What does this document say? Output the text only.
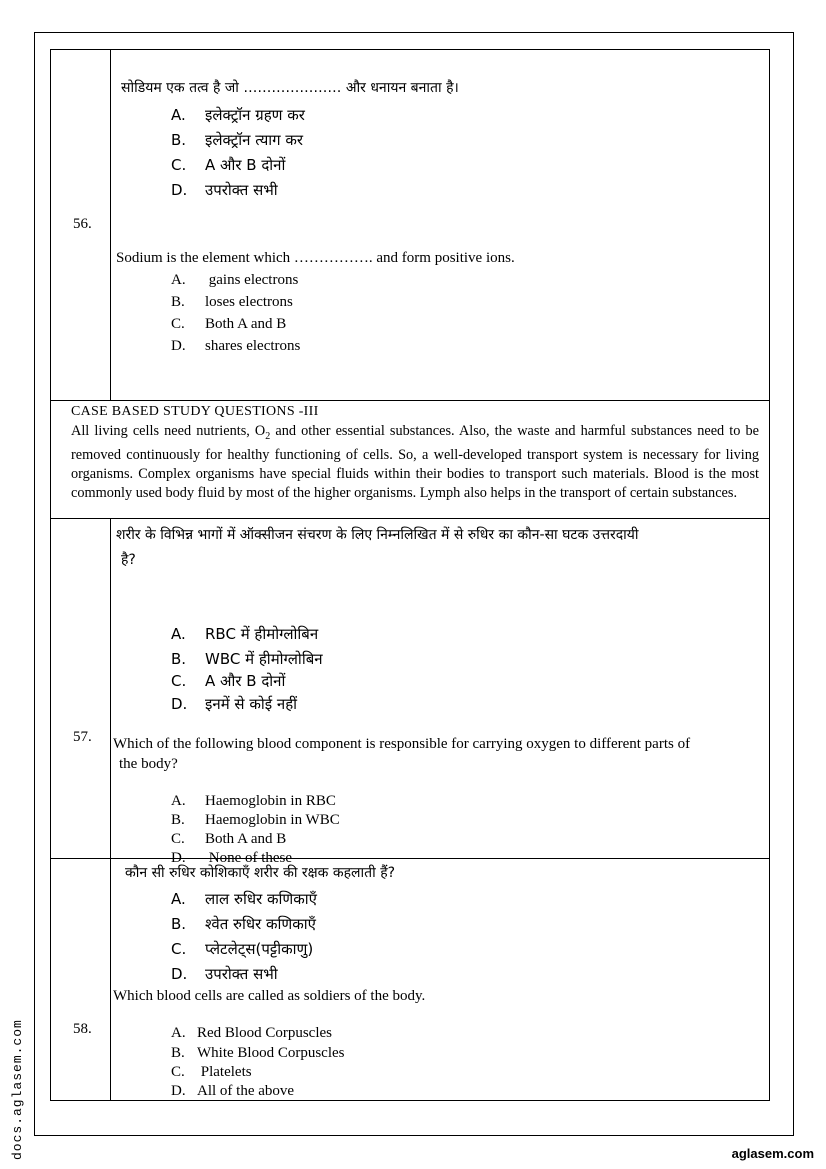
56.
सोडियम एक तत्व है जो ………………… और धनायन बनाता है।
A. इलेक्ट्रॉन ग्रहण कर
B. इलेक्ट्रॉन त्याग कर
C. A और B दोनों
D. उपरोक्त सभी
Sodium is the element which ……………. and form positive ions.
A. gains electrons
B. loses electrons
C. Both A and B
D. shares electrons
CASE BASED STUDY QUESTIONS -III
All living cells need nutrients, $O_2$ and other essential substances. Also, the waste and harmful substances need to be removed continuously for healthy functioning of cells. So, a well-developed transport system is necessary for living organisms. Complex organisms have special fluids within their bodies to transport such materials. Blood is the most commonly used body fluid by most of the higher organisms. Lymph also helps in the transport of certain substances.
57.
शरीर के विभिन्न भागों में ऑक्सीजन संचरण के लिए निम्नलिखित में से रुधिर का कौन-सा घटक उत्तरदायी
है?
A. RBC में हीमोग्लोबिन
B. WBC में हीमोग्लोबिन
C. A और B दोनों
D. इनमें से कोई नहीं
Which of the following blood component is responsible for carrying oxygen to different parts of
the body?
A. Haemoglobin in RBC
B. Haemoglobin in WBC
C. Both A and B
D. None of these
58.
कौन सी रुधिर कोशिकाएँ शरीर की रक्षक कहलाती हैं?
A. लाल रुधिर कणिकाएँ
B. श्वेत रुधिर कणिकाएँ
C. प्लेटलेट्स(पट्टीकाणु)
D. उपरोक्त सभी
Which blood cells are called as soldiers of the body.
A. Red Blood Corpuscles
B. White Blood Corpuscles
C. Platelets
D. All of the above
docs.aglasem.com	aglasem.com
